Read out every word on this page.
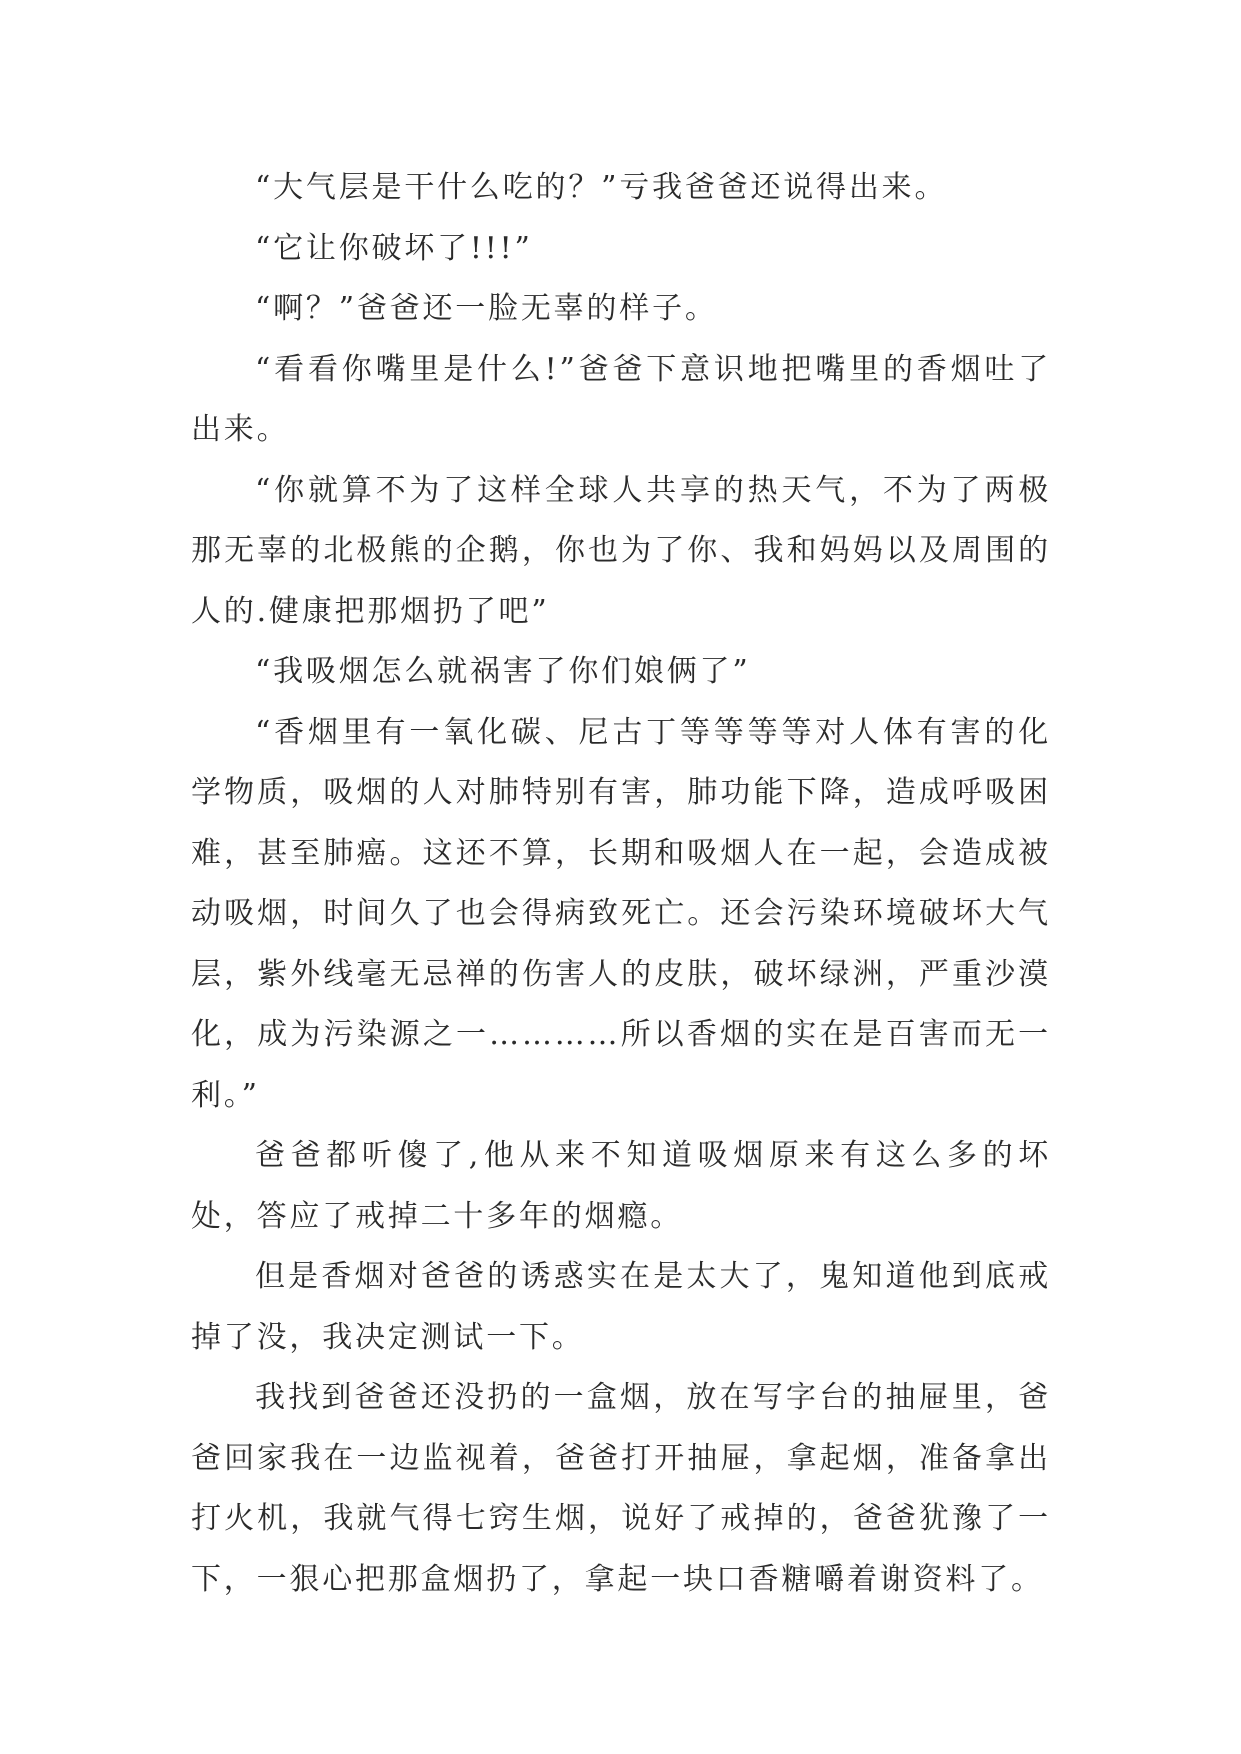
“大气层是干什么吃的？”亏我爸爸还说得出来。

“它让你破坏了!!!”

“啊？”爸爸还一脸无辜的样子。

“看看你嘴里是什么!”爸爸下意识地把嘴里的香烟吐了出来。

“你就算不为了这样全球人共享的热天气，不为了两极那无辜的北极熊的企鹅，你也为了你、我和妈妈以及周围的人的.健康把那烟扔了吧”

“我吸烟怎么就祸害了你们娘俩了”

“香烟里有一氧化碳、尼古丁等等等等对人体有害的化学物质，吸烟的人对肺特别有害，肺功能下降，造成呼吸困难，甚至肺癌。这还不算，长期和吸烟人在一起，会造成被动吸烟，时间久了也会得病致死亡。还会污染环境破坏大气层，紫外线毫无忌禅的伤害人的皮肤，破坏绿洲，严重沙漠化，成为污染源之一…………所以香烟的实在是百害而无一利。”

爸爸都听傻了,他从来不知道吸烟原来有这么多的坏处，答应了戒掉二十多年的烟瘾。

但是香烟对爸爸的诱惑实在是太大了，鬼知道他到底戒掉了没，我决定测试一下。

我找到爸爸还没扔的一盒烟，放在写字台的抽屉里，爸爸回家我在一边监视着，爸爸打开抽屉，拿起烟，准备拿出打火机，我就气得七窍生烟，说好了戒掉的，爸爸犹豫了一下，一狠心把那盒烟扔了，拿起一块口香糖嚼着谢资料了。
